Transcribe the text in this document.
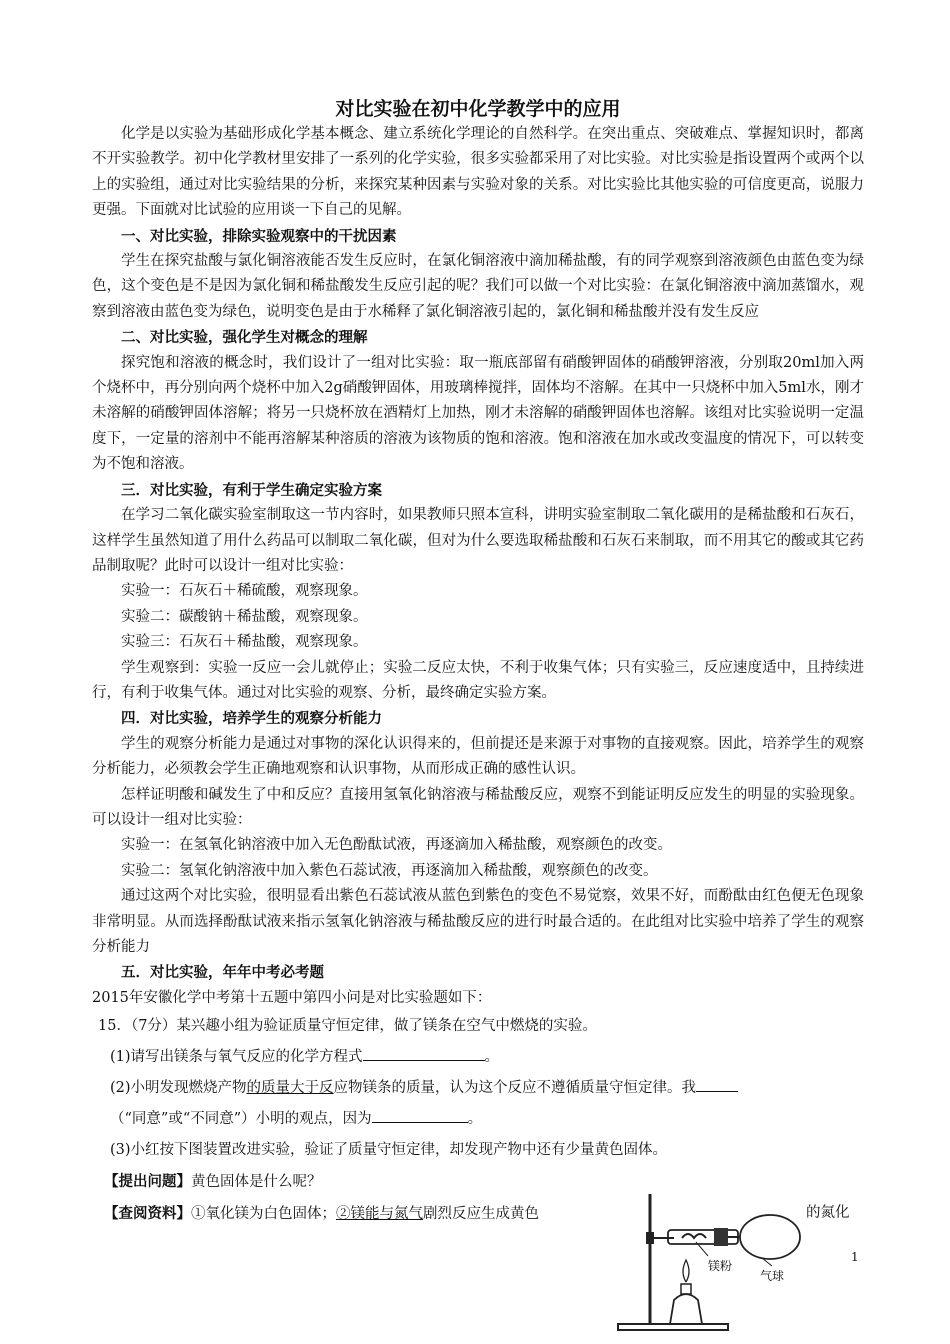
对比实验在初中化学教学中的应用

化学是以实验为基础形成化学基本概念、建立系统化学理论的自然科学。在突出重点、突破难点、掌握知识时，都离不开实验教学。初中化学教材里安排了一系列的化学实验，很多实验都采用了对比实验。对比实验是指设置两个或两个以上的实验组，通过对比实验结果的分析，来探究某种因素与实验对象的关系。对比实验比其他实验的可信度更高，说服力更强。下面就对比试验的应用谈一下自己的见解。

一、对比实验，排除实验观察中的干扰因素

学生在探究盐酸与氯化铜溶液能否发生反应时，在氯化铜溶液中滴加稀盐酸，有的同学观察到溶液颜色由蓝色变为绿色，这个变色是不是因为氯化铜和稀盐酸发生反应引起的呢？我们可以做一个对比实验：在氯化铜溶液中滴加蒸馏水，观察到溶液由蓝色变为绿色，说明变色是由于水稀释了氯化铜溶液引起的，氯化铜和稀盐酸并没有发生反应

二、对比实验，强化学生对概念的理解

探究饱和溶液的概念时，我们设计了一组对比实验：取一瓶底部留有硝酸钾固体的硝酸钾溶液，分别取20ml加入两个烧杯中，再分别向两个烧杯中加入2g硝酸钾固体，用玻璃棒搅拌，固体均不溶解。在其中一只烧杯中加入5ml水，刚才未溶解的硝酸钾固体溶解；将另一只烧杯放在酒精灯上加热，刚才未溶解的硝酸钾固体也溶解。该组对比实验说明一定温度下，一定量的溶剂中不能再溶解某种溶质的溶液为该物质的饱和溶液。饱和溶液在加水或改变温度的情况下，可以转变为不饱和溶液。

三．对比实验，有利于学生确定实验方案

在学习二氧化碳实验室制取这一节内容时，如果教师只照本宣科，讲明实验室制取二氧化碳用的是稀盐酸和石灰石，这样学生虽然知道了用什么药品可以制取二氧化碳，但对为什么要选取稀盐酸和石灰石来制取，而不用其它的酸或其它药品制取呢？此时可以设计一组对比实验：

实验一：石灰石＋稀硫酸，观察现象。

实验二：碳酸钠＋稀盐酸，观察现象。

实验三：石灰石＋稀盐酸，观察现象。

学生观察到：实验一反应一会儿就停止；实验二反应太快，不利于收集气体；只有实验三，反应速度适中，且持续进行，有利于收集气体。通过对比实验的观察、分析，最终确定实验方案。

四．对比实验，培养学生的观察分析能力

学生的观察分析能力是通过对事物的深化认识得来的，但前提还是来源于对事物的直接观察。因此，培养学生的观察分析能力，必须教会学生正确地观察和认识事物，从而形成正确的感性认识。

怎样证明酸和碱发生了中和反应？直接用氢氧化钠溶液与稀盐酸反应，观察不到能证明反应发生的明显的实验现象。可以设计一组对比实验：

实验一：在氢氧化钠溶液中加入无色酚酞试液，再逐滴加入稀盐酸，观察颜色的改变。

实验二：氢氧化钠溶液中加入紫色石蕊试液，再逐滴加入稀盐酸，观察颜色的改变。

通过这两个对比实验，很明显看出紫色石蕊试液从蓝色到紫色的变色不易觉察，效果不好，而酚酞由红色便无色现象非常明显。从而选择酚酞试液来指示氢氧化钠溶液与稀盐酸反应的进行时最合适的。在此组对比实验中培养了学生的观察分析能力

五．对比实验，年年中考必考题

2015年安徽化学中考第十五题中第四小问是对比实验题如下：

15．（7分）某兴趣小组为验证质量守恒定律，做了镁条在空气中燃烧的实验。

(1)请写出镁条与氧气反应的化学方程式	。

(2)小明发现燃烧产物的质量大于反应物镁条的质量，认为这个反应不遵循质量守恒定律。我

（“同意”或“不同意”）小明的观点，因为	。

(3)小红按下图装置改进实验，验证了质量守恒定律，却发现产物中还有少量黄色固体。

【提出问题】黄色固体是什么呢？

【查阅资料】①氧化镁为白色固体；②镁能与氮气剧烈反应生成黄色	的氮化

镁粉
气球
1
